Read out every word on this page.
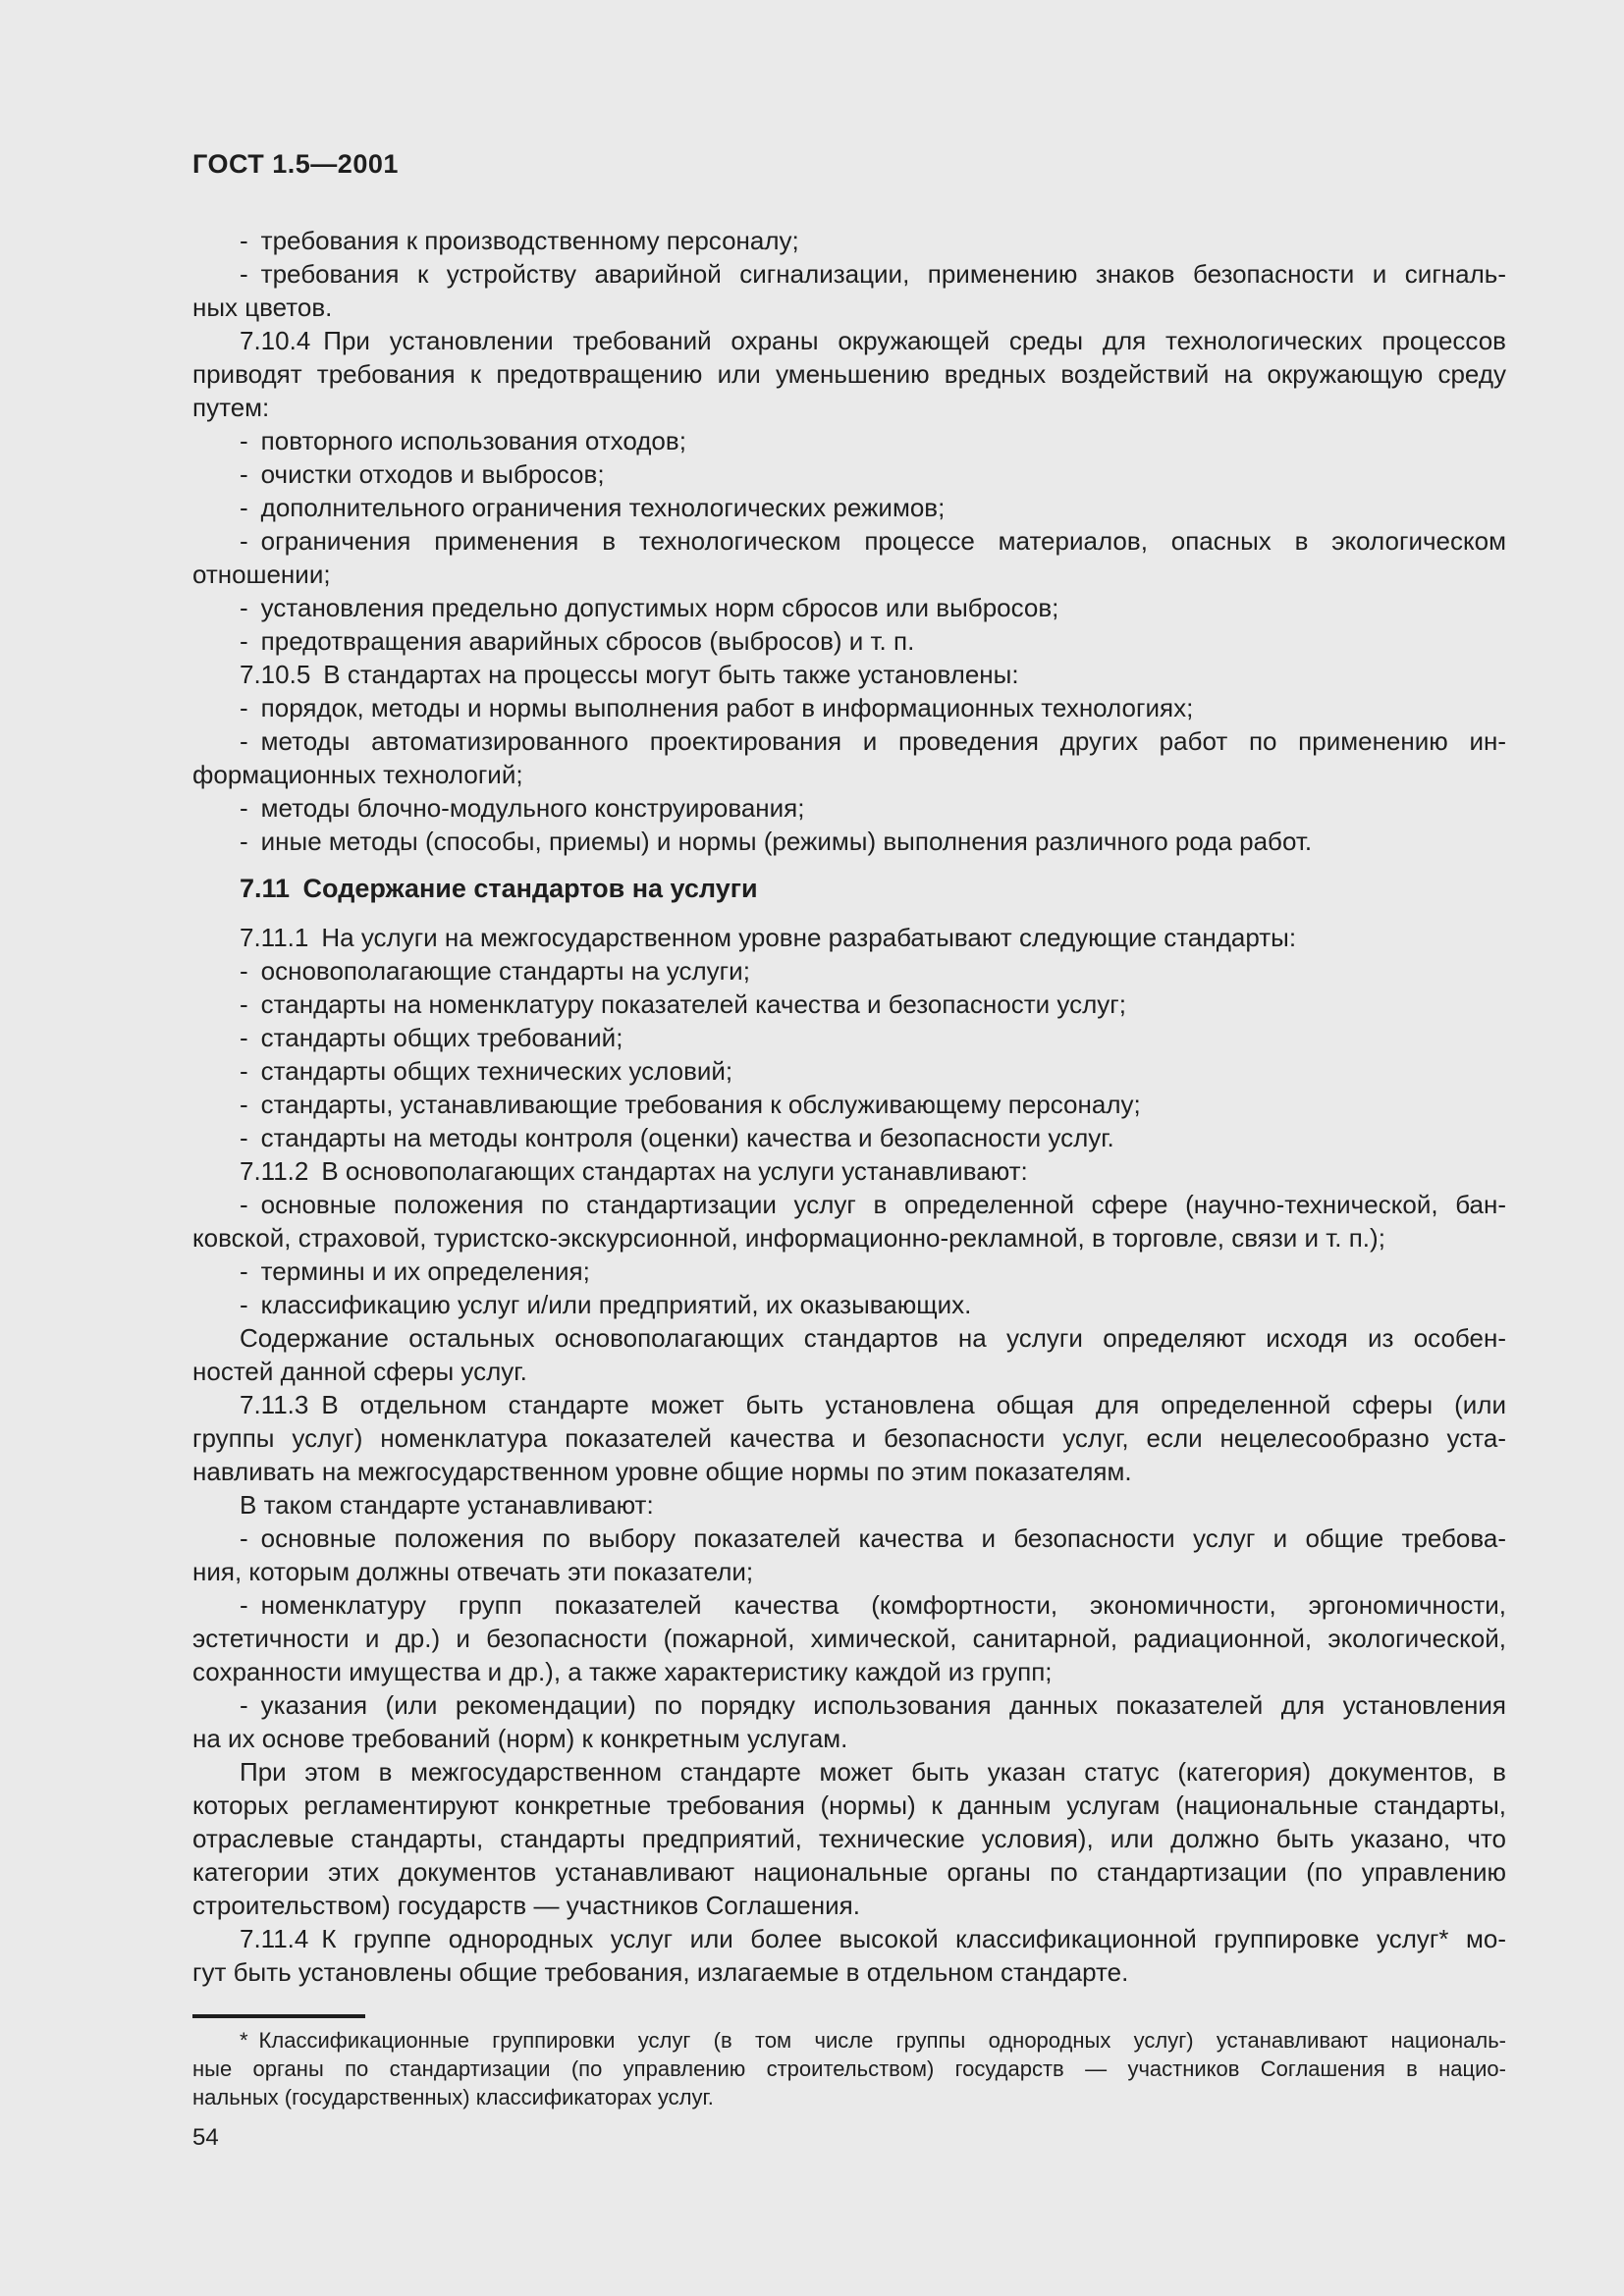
ГОСТ 1.5—2001
- требования к производственному персоналу;
- требования к устройству аварийной сигнализации, применению знаков безопасности и сигналь-
ных цветов.
7.10.4 При установлении требований охраны окружающей среды для технологических процессов
приводят требования к предотвращению или уменьшению вредных воздействий на окружающую среду
путем:
- повторного использования отходов;
- очистки отходов и выбросов;
- дополнительного ограничения технологических режимов;
- ограничения применения в технологическом процессе материалов, опасных в экологическом
отношении;
- установления предельно допустимых норм сбросов или выбросов;
- предотвращения аварийных сбросов (выбросов) и т. п.
7.10.5 В стандартах на процессы могут быть также установлены:
- порядок, методы и нормы выполнения работ в информационных технологиях;
- методы автоматизированного проектирования и проведения других работ по применению ин-
формационных технологий;
- методы блочно-модульного конструирования;
- иные методы (способы, приемы) и нормы (режимы) выполнения различного рода работ.
7.11 Содержание стандартов на услуги
7.11.1 На услуги на межгосударственном уровне разрабатывают следующие стандарты:
- основополагающие стандарты на услуги;
- стандарты на номенклатуру показателей качества и безопасности услуг;
- стандарты общих требований;
- стандарты общих технических условий;
- стандарты, устанавливающие требования к обслуживающему персоналу;
- стандарты на методы контроля (оценки) качества и безопасности услуг.
7.11.2 В основополагающих стандартах на услуги устанавливают:
- основные положения по стандартизации услуг в определенной сфере (научно-технической, бан-
ковской, страховой, туристско-экскурсионной, информационно-рекламной, в торговле, связи и т. п.);
- термины и их определения;
- классификацию услуг и/или предприятий, их оказывающих.
Содержание остальных основополагающих стандартов на услуги определяют исходя из особен-
ностей данной сферы услуг.
7.11.3 В отдельном стандарте может быть установлена общая для определенной сферы (или
группы услуг) номенклатура показателей качества и безопасности услуг, если нецелесообразно уста-
навливать на межгосударственном уровне общие нормы по этим показателям.
В таком стандарте устанавливают:
- основные положения по выбору показателей качества и безопасности услуг и общие требова-
ния, которым должны отвечать эти показатели;
- номенклатуру групп показателей качества (комфортности, экономичности, эргономичности,
эстетичности и др.) и безопасности (пожарной, химической, санитарной, радиационной, экологической,
сохранности имущества и др.), а также характеристику каждой из групп;
- указания (или рекомендации) по порядку использования данных показателей для установления
на их основе требований (норм) к конкретным услугам.
При этом в межгосударственном стандарте может быть указан статус (категория) документов, в
которых регламентируют конкретные требования (нормы) к данным услугам (национальные стандарты,
отраслевые стандарты, стандарты предприятий, технические условия), или должно быть указано, что
категории этих документов устанавливают национальные органы по стандартизации (по управлению
строительством) государств — участников Соглашения.
7.11.4 К группе однородных услуг или более высокой классификационной группировке услуг* мо-
гут быть установлены общие требования, излагаемые в отдельном стандарте.
* Классификационные группировки услуг (в том числе группы однородных услуг) устанавливают националь-
ные органы по стандартизации (по управлению строительством) государств — участников Соглашения в нацио-
нальных (государственных) классификаторах услуг.
54
